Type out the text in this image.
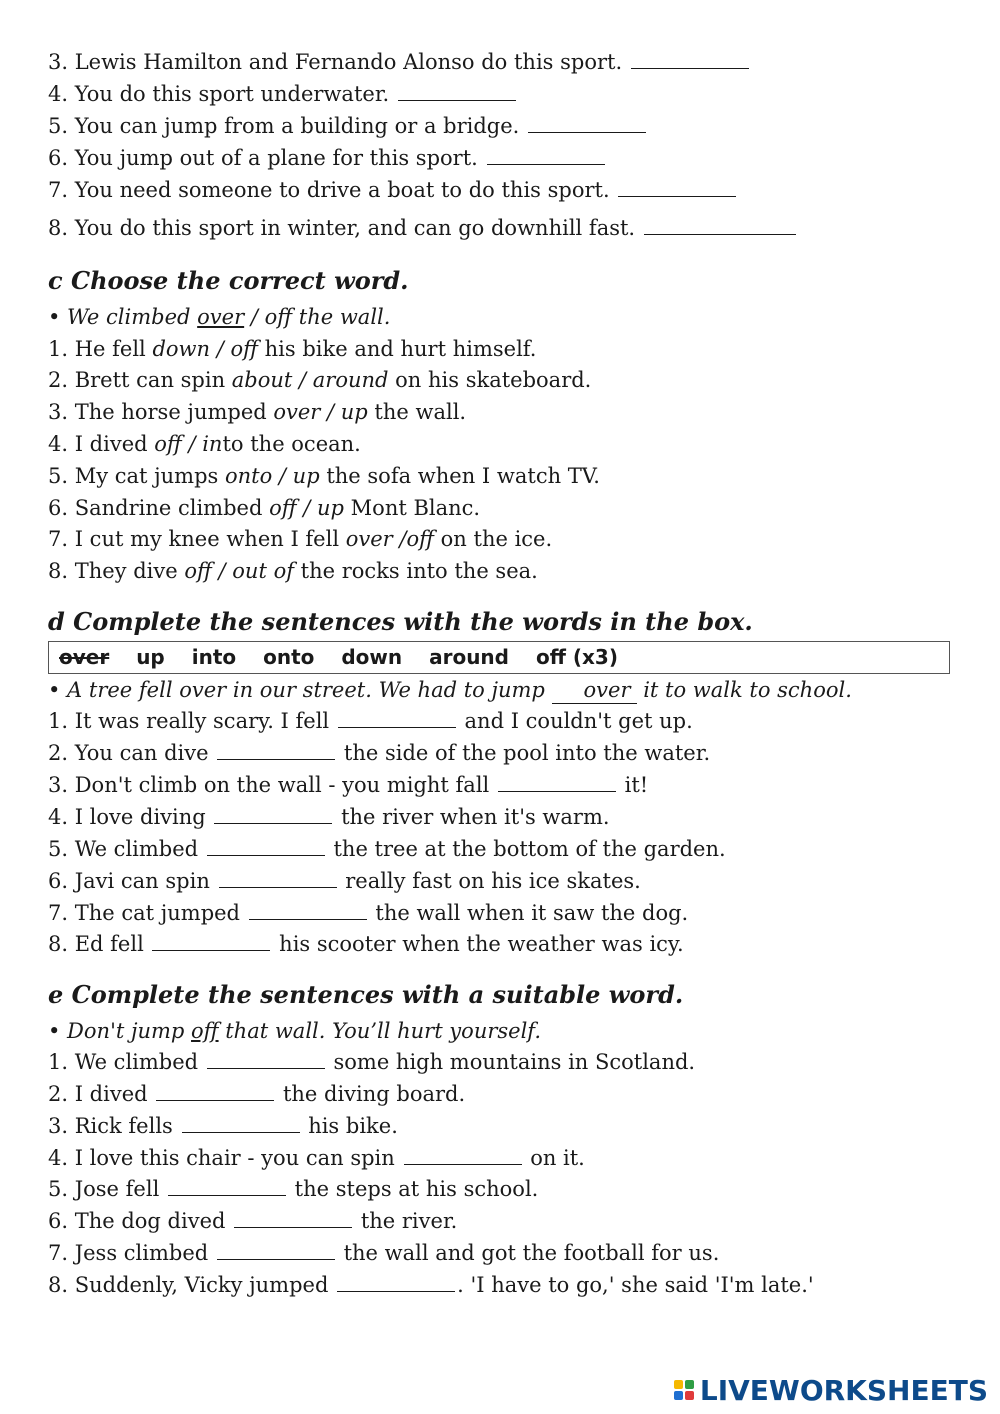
3. Lewis Hamilton and Fernando Alonso do this sport.
4. You do this sport underwater.
5. You can jump from a building or a bridge.
6. You jump out of a plane for this sport.
7. You need someone to drive a boat to do this sport.
8. You do this sport in winter, and can go downhill fast.
c Choose the correct word.
• We climbed over / off the wall.
1. He fell down / off his bike and hurt himself.
2. Brett can spin about / around on his skateboard.
3. The horse jumped over / up the wall.
4. I dived off / into the ocean.
5. My cat jumps onto / up the sofa when I watch TV.
6. Sandrine climbed off / up Mont Blanc.
7. I cut my knee when I fell over /off on the ice.
8. They dive off / out of the rocks into the sea.
d Complete the sentences with the words in the box.
over up into onto down around off (x3)
• A tree fell over in our street. We had to jump over it to walk to school.
1. It was really scary. I fell	and I couldn't get up.
2. You can dive	the side of the pool into the water.
3. Don't climb on the wall - you might fall	it!
4. I love diving	the river when it's warm.
5. We climbed	the tree at the bottom of the garden.
6. Javi can spin	really fast on his ice skates.
7. The cat jumped	the wall when it saw the dog.
8. Ed fell	his scooter when the weather was icy.
e Complete the sentences with a suitable word.
• Don't jump off that wall. You’ll hurt yourself.
1. We climbed	some high mountains in Scotland.
2. I dived	the diving board.
3. Rick fells	his bike.
4. I love this chair - you can spin	on it.
5. Jose fell	the steps at his school.
6. The dog dived	the river.
7. Jess climbed	the wall and got the football for us.
8. Suddenly, Vicky jumped	. 'I have to go,' she said 'I'm late.'
LIVEWORKSHEETS
